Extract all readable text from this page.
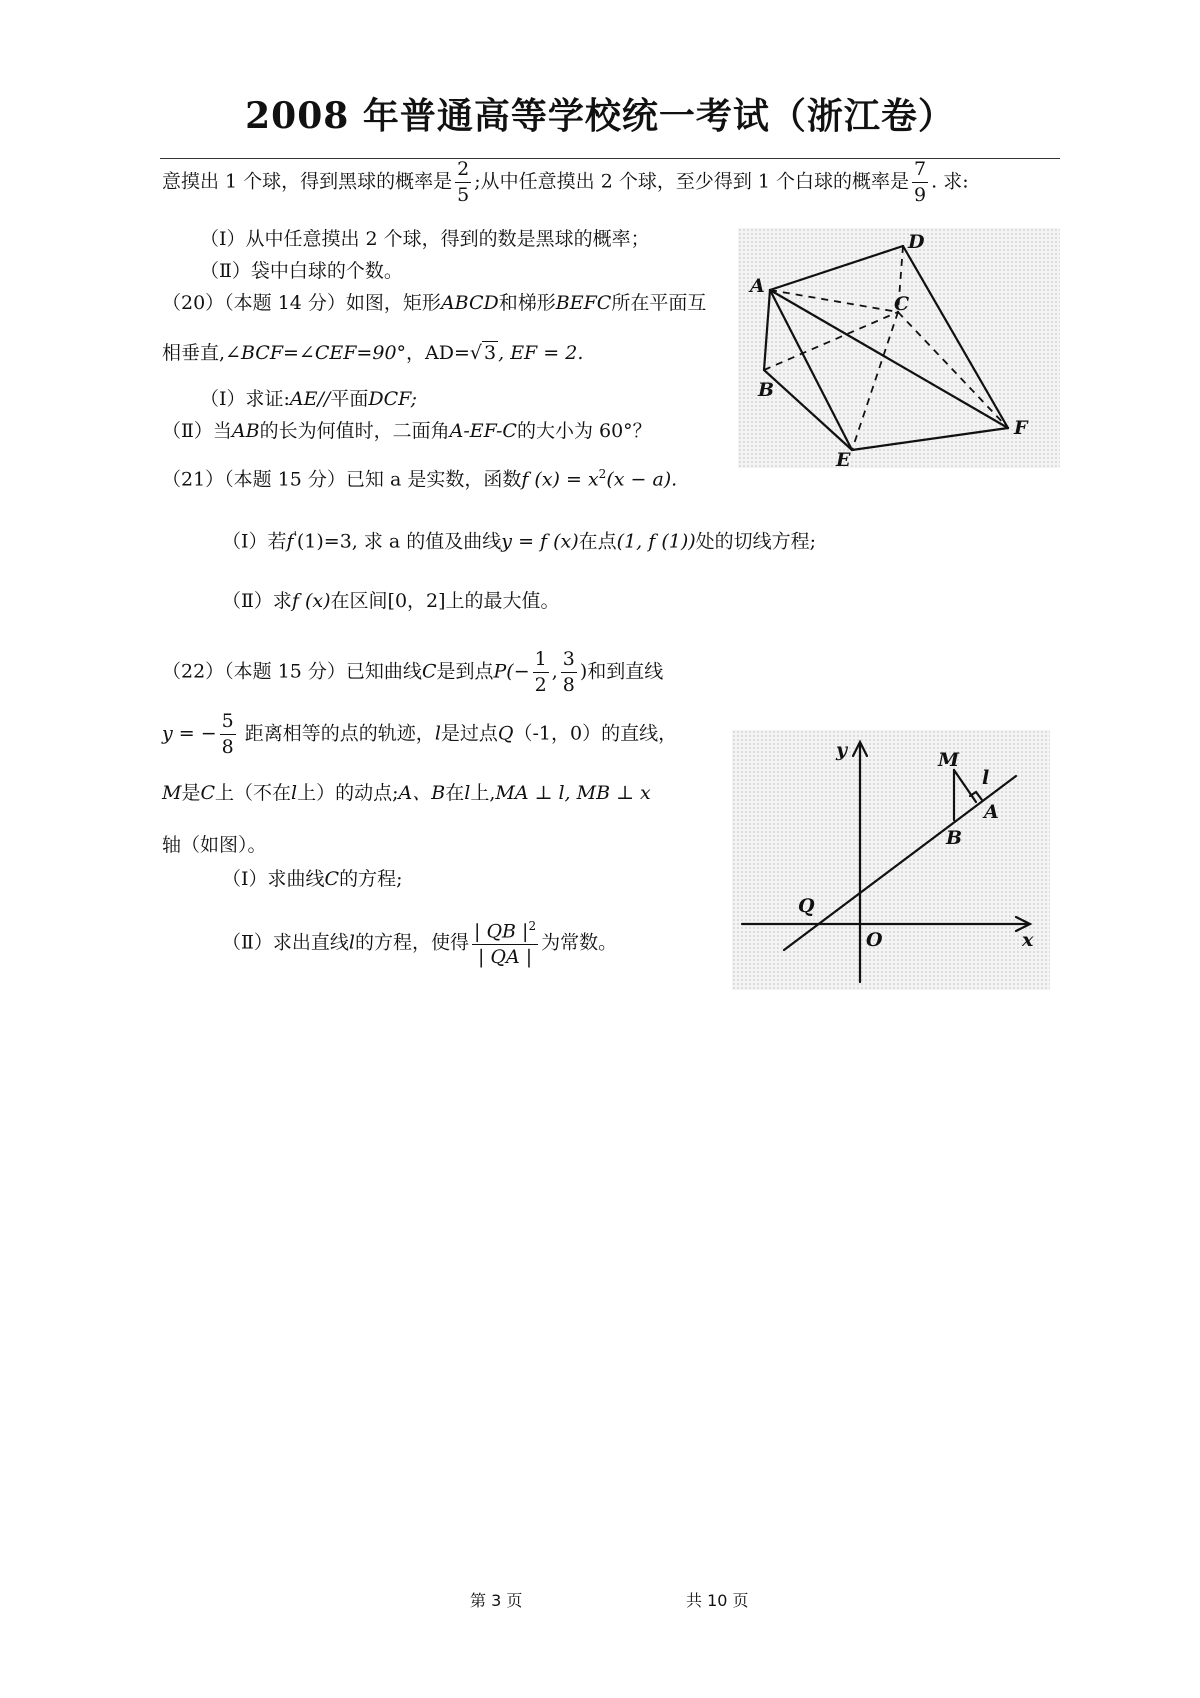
2008 年普通高等学校统一考试（浙江卷）
意摸出 1 个球，得到黑球的概率是 $\frac{2}{5}$ ;从中任意摸出 2 个球，至少得到 1 个白球的概率是 $\frac{7}{9}$ . 求:
（Ⅰ）从中任意摸出 2 个球，得到的数是黑球的概率；
（Ⅱ）袋中白球的个数。
（20）（本题 14 分）如图，矩形ABCD和梯形BEFC所在平面互
相垂直,∠BCF=∠CEF=90°，AD=√ 3 , EF = 2.
（Ⅰ）求证:AE//平面DCF;
（Ⅱ）当AB的长为何值时，二面角A-EF-C的大小为 60°？
A
D
C
B
E
F
（21）（本题 15 分）已知 a 是实数，函数f $(x) = x^2(x - a)$.
（Ⅰ）若f'(1)=3, 求 a 的值及曲线y = f (x)在点(1, f (1))处的切线方程;
（Ⅱ）求f (x)在区间[0，2]上的最大值。
（22）（本题 15 分）已知曲线C是到点$P(- \frac{1}{2}$ , $\frac{3}{8}$ )和到直线
y = − $\frac{5}{8}$ 距离相等的点的轨迹，l是过点Q（-1，0）的直线，
M是C上（不在l上）的动点;A、B在l上,MA ⊥ l, MB ⊥ x
轴（如图）。
（Ⅰ）求曲线C的方程;
（Ⅱ）求出直线l的方程，使得 $\frac{| QB |^2}{| QA |}$ 为常数。
y
x
O
Q
M
l
A
B
第 3 页	共 10 页
